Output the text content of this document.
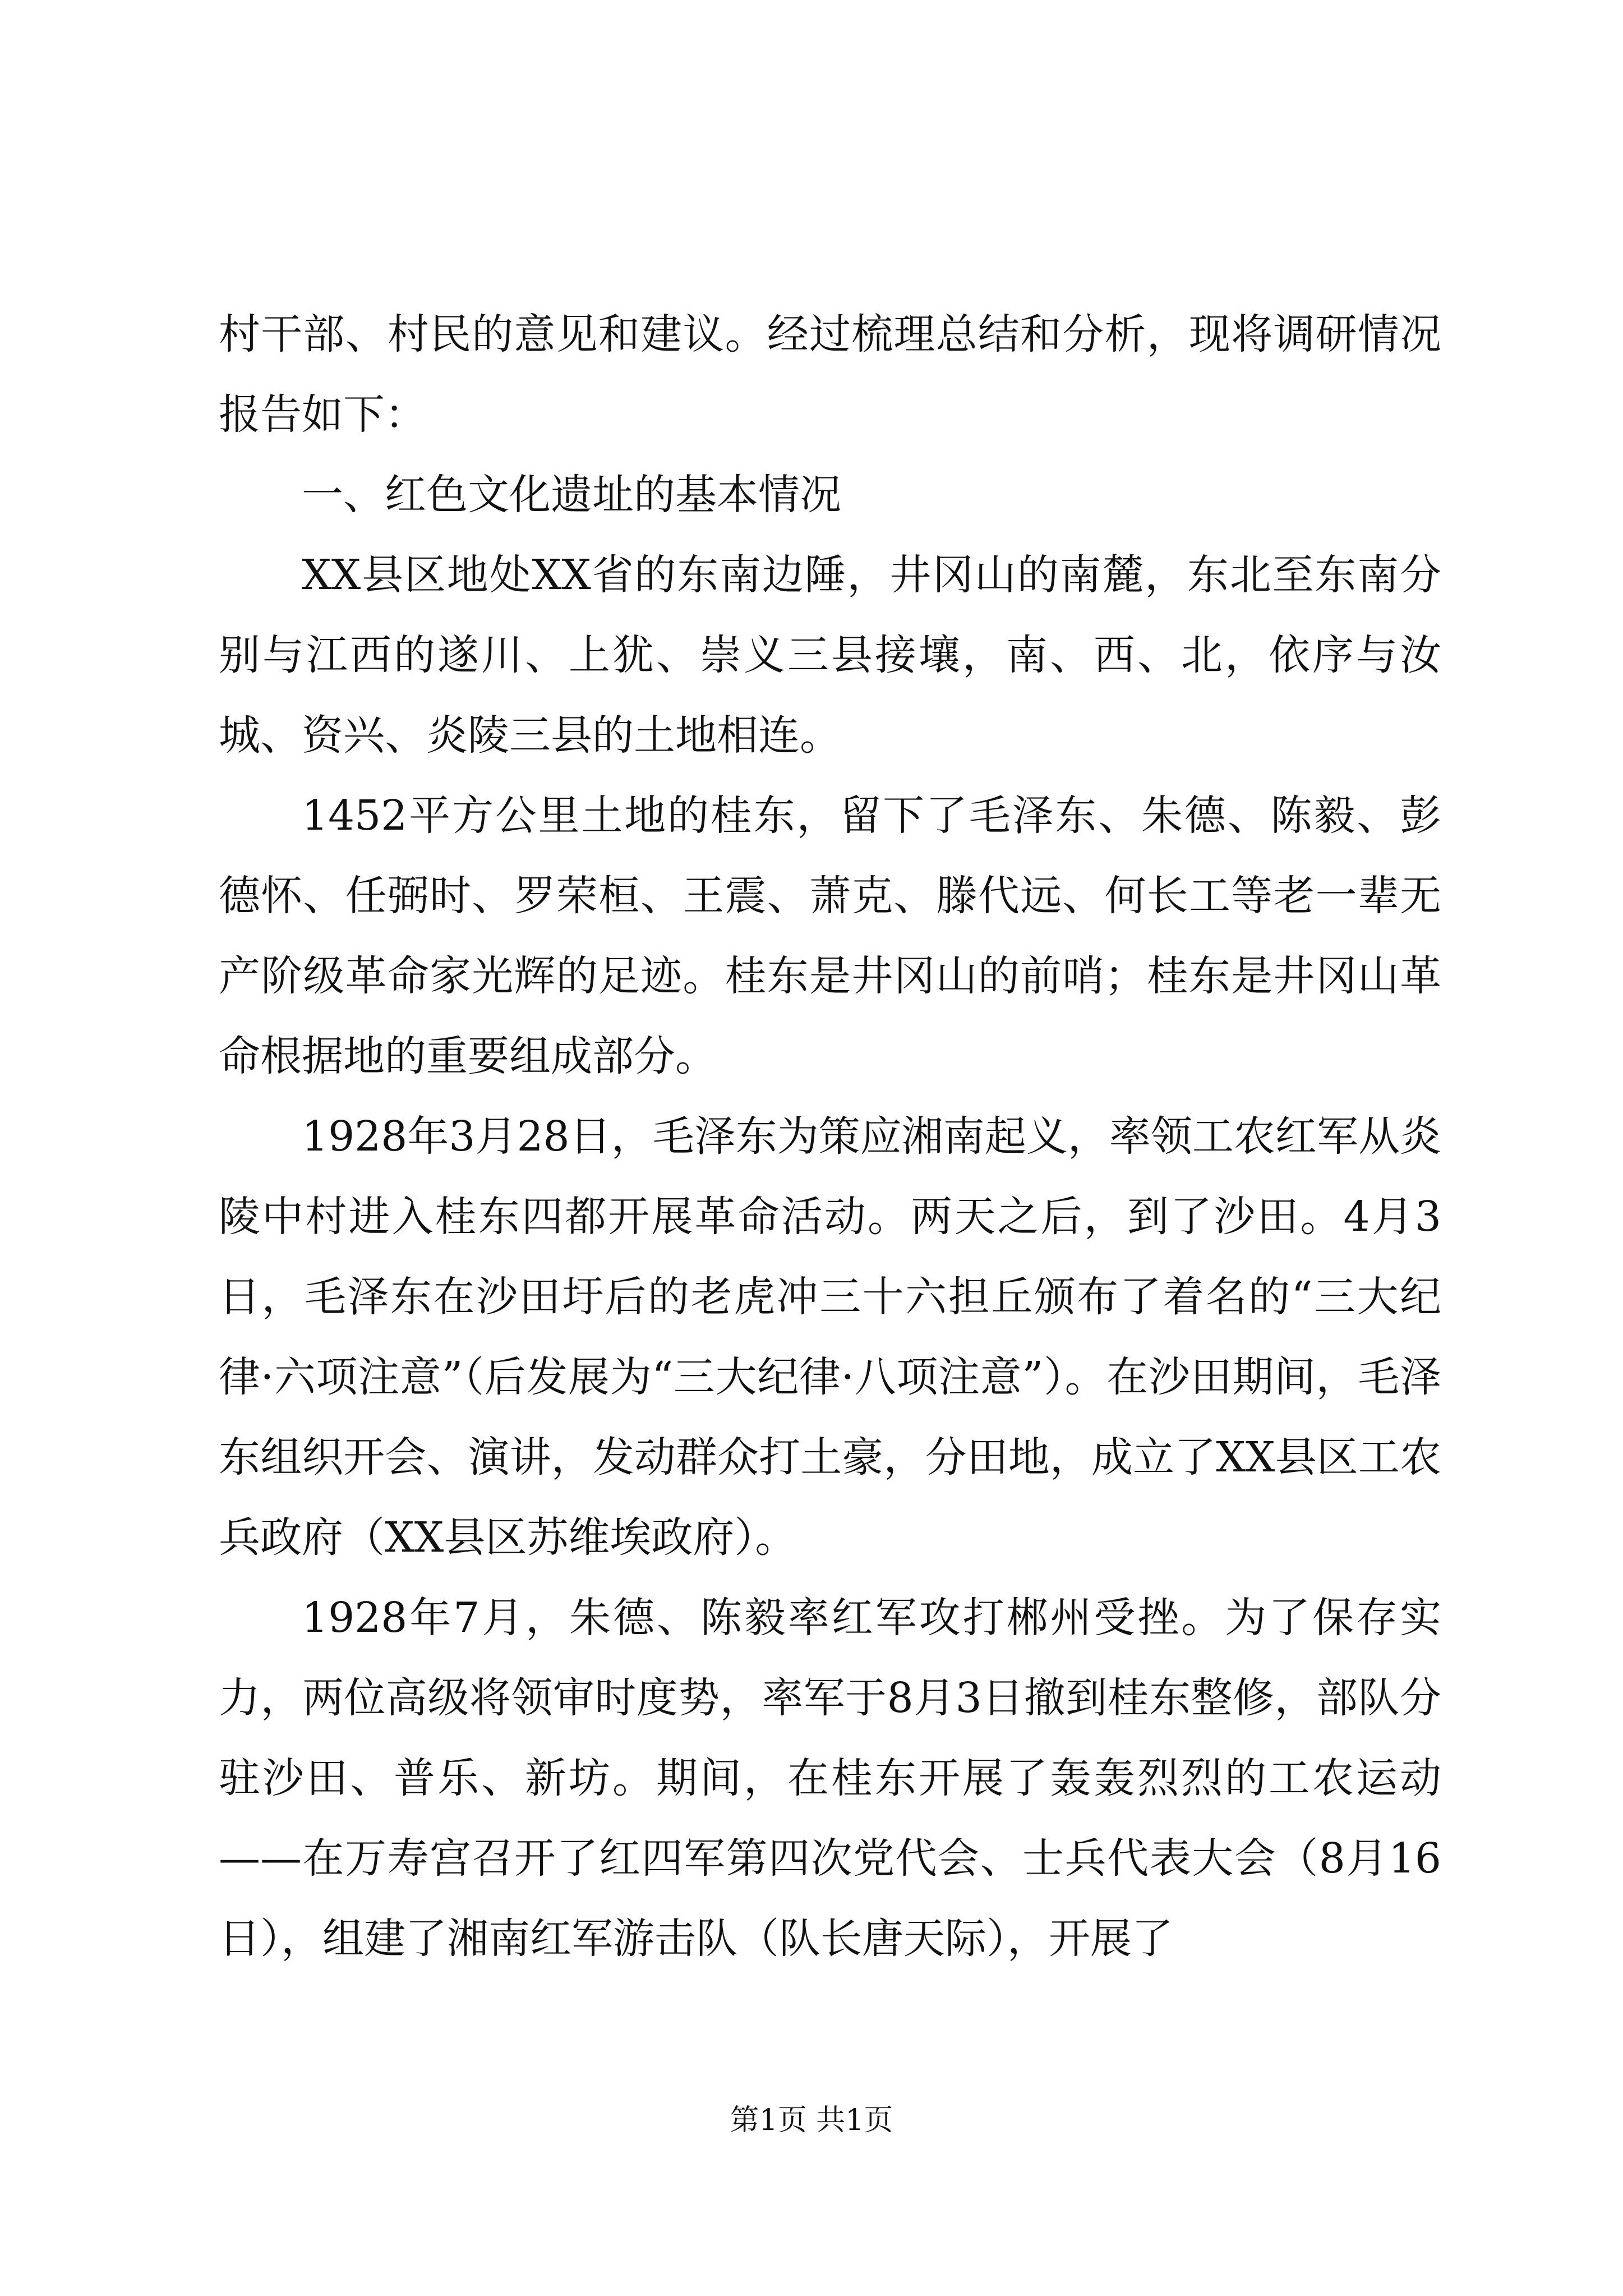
村干部、村民的意见和建议。经过梳理总结和分析，现将调研情况报告如下：

一、红色文化遗址的基本情况

XX县区地处XX省的东南边陲，井冈山的南麓，东北至东南分别与江西的遂川、上犹、崇义三县接壤，南、西、北，依序与汝城、资兴、炎陵三县的土地相连。

1452平方公里土地的桂东，留下了毛泽东、朱德、陈毅、彭德怀、任弼时、罗荣桓、王震、萧克、滕代远、何长工等老一辈无产阶级革命家光辉的足迹。桂东是井冈山的前哨；桂东是井冈山革命根据地的重要组成部分。

1928年3月28日，毛泽东为策应湘南起义，率领工农红军从炎陵中村进入桂东四都开展革命活动。两天之后，到了沙田。4月3日，毛泽东在沙田圩后的老虎冲三十六担丘颁布了着名的“三大纪律·六项注意”（后发展为“三大纪律·八项注意”）。在沙田期间，毛泽东组织开会、演讲，发动群众打土豪，分田地，成立了XX县区工农兵政府（XX县区苏维埃政府）。

1928年7月，朱德、陈毅率红军攻打郴州受挫。为了保存实力，两位高级将领审时度势，率军于8月3日撤到桂东整修，部队分驻沙田、普乐、新坊。期间，在桂东开展了轰轰烈烈的工农运动——在万寿宫召开了红四军第四次党代会、士兵代表大会（8月16日），组建了湘南红军游击队（队长唐天际），开展了

第1页 共1页
